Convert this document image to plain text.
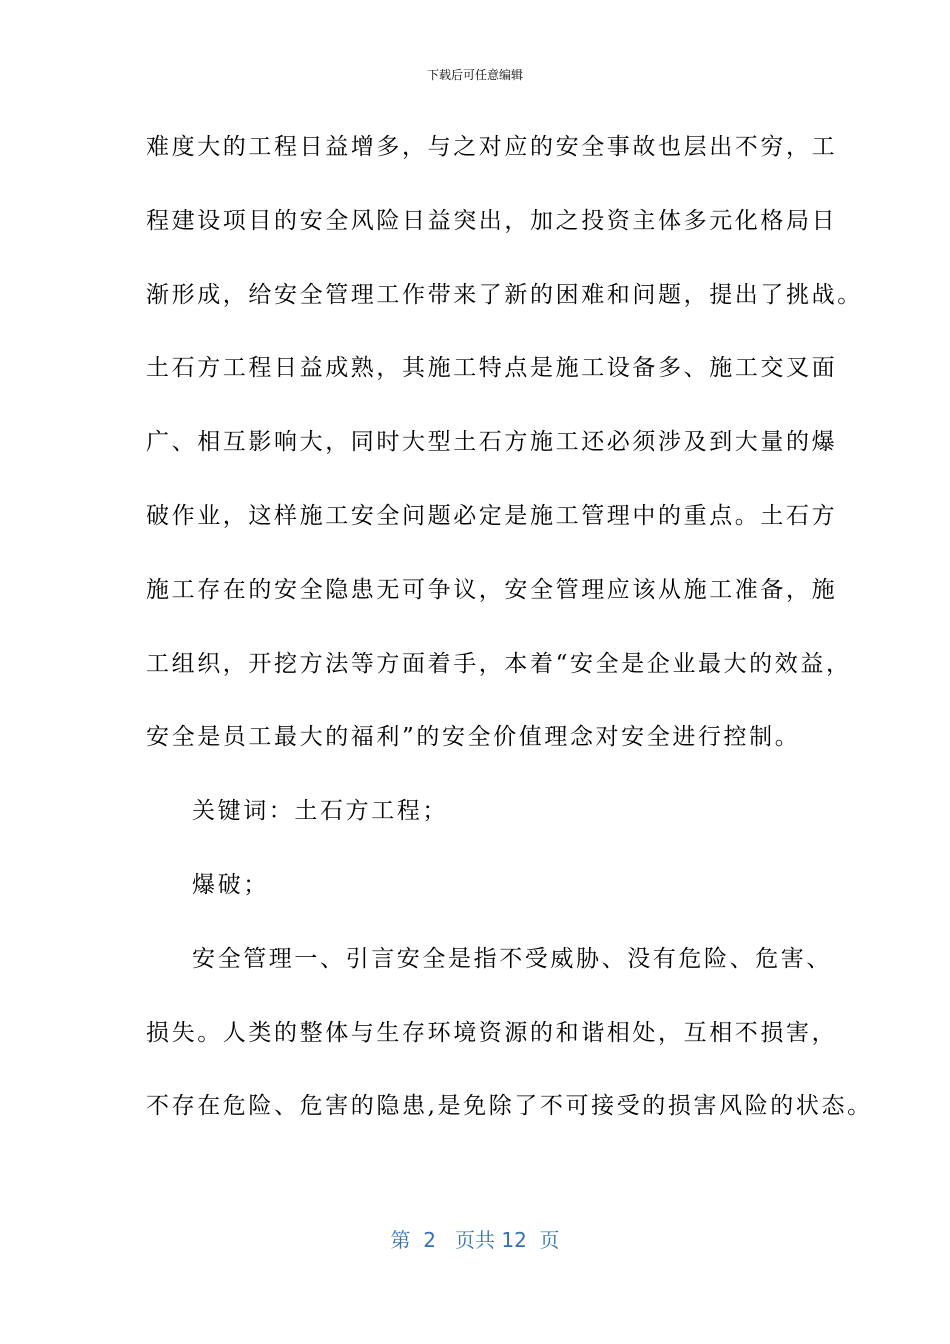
下载后可任意编辑
难度大的工程日益增多，与之对应的安全事故也层出不穷，工
程建设项目的安全风险日益突出，加之投资主体多元化格局日
渐形成，给安全管理工作带来了新的困难和问题，提出了挑战。
土石方工程日益成熟，其施工特点是施工设备多、施工交叉面
广、相互影响大，同时大型土石方施工还必须涉及到大量的爆
破作业，这样施工安全问题必定是施工管理中的重点。土石方
施工存在的安全隐患无可争议，安全管理应该从施工准备，施
工组织，开挖方法等方面着手，本着“安全是企业最大的效益，
安全是员工最大的福利”的安全价值理念对安全进行控制。
关键词：土石方工程；
爆破；
安全管理一、引言安全是指不受威胁、没有危险、危害、
损失。人类的整体与生存环境资源的和谐相处，互相不损害，
不存在危险、危害的隐患,是免除了不可接受的损害风险的状态。
第 2 页共 12 页
